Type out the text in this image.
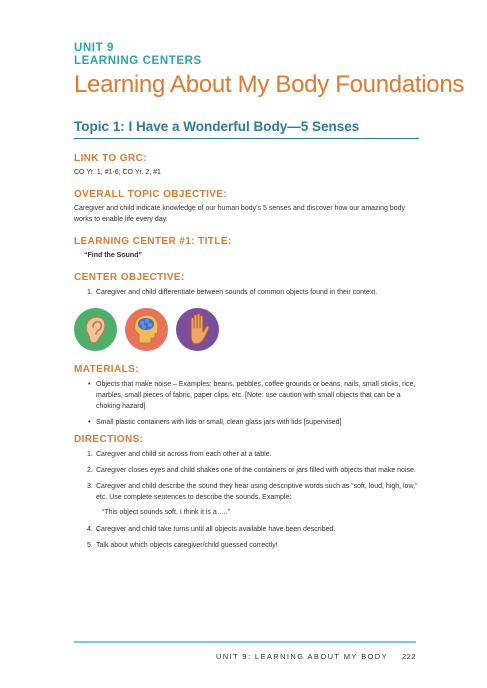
UNIT 9

LEARNING CENTERS

Learning About My Body Foundations
Topic 1: I Have a Wonderful Body—5 Senses
LINK TO GRC:

CO Yr. 1, #1-6; CO Yr. 2, #1

OVERALL TOPIC OBJECTIVE:

Caregiver and child indicate knowledge of our human body’s 5 senses and discover how our amazing body works to enable life every day.

LEARNING CENTER #1: TITLE:

“Find the Sound”

CENTER OBJECTIVE:
1. Caregiver and child differentiate between sounds of common objects found in their context.
MATERIALS:
• Objects that make noise – Examples: beans, pebbles, coffee grounds or beans, nails, small sticks, rice, marbles, small pieces of fabric, paper clips, etc. [Note: use caution with small objects that can be a choking hazard]
• Small plastic containers with lids or small, clean glass jars with lids [supervised]
DIRECTIONS:
1. Caregiver and child sit across from each other at a table.
2. Caregiver closes eyes and child shakes one of the containers or jars filled with objects that make noise.
3. Caregiver and child describe the sound they hear using descriptive words such as “soft, loud, high, low,” etc. Use complete sentences to describe the sounds. Example:
“This object sounds soft. I think it is a…..”
4. Caregiver and child take turns until all objects available have been described.
5. Talk about which objects caregiver/child guessed correctly!
UNIT 9: LEARNING ABOUT MY BODY 222
